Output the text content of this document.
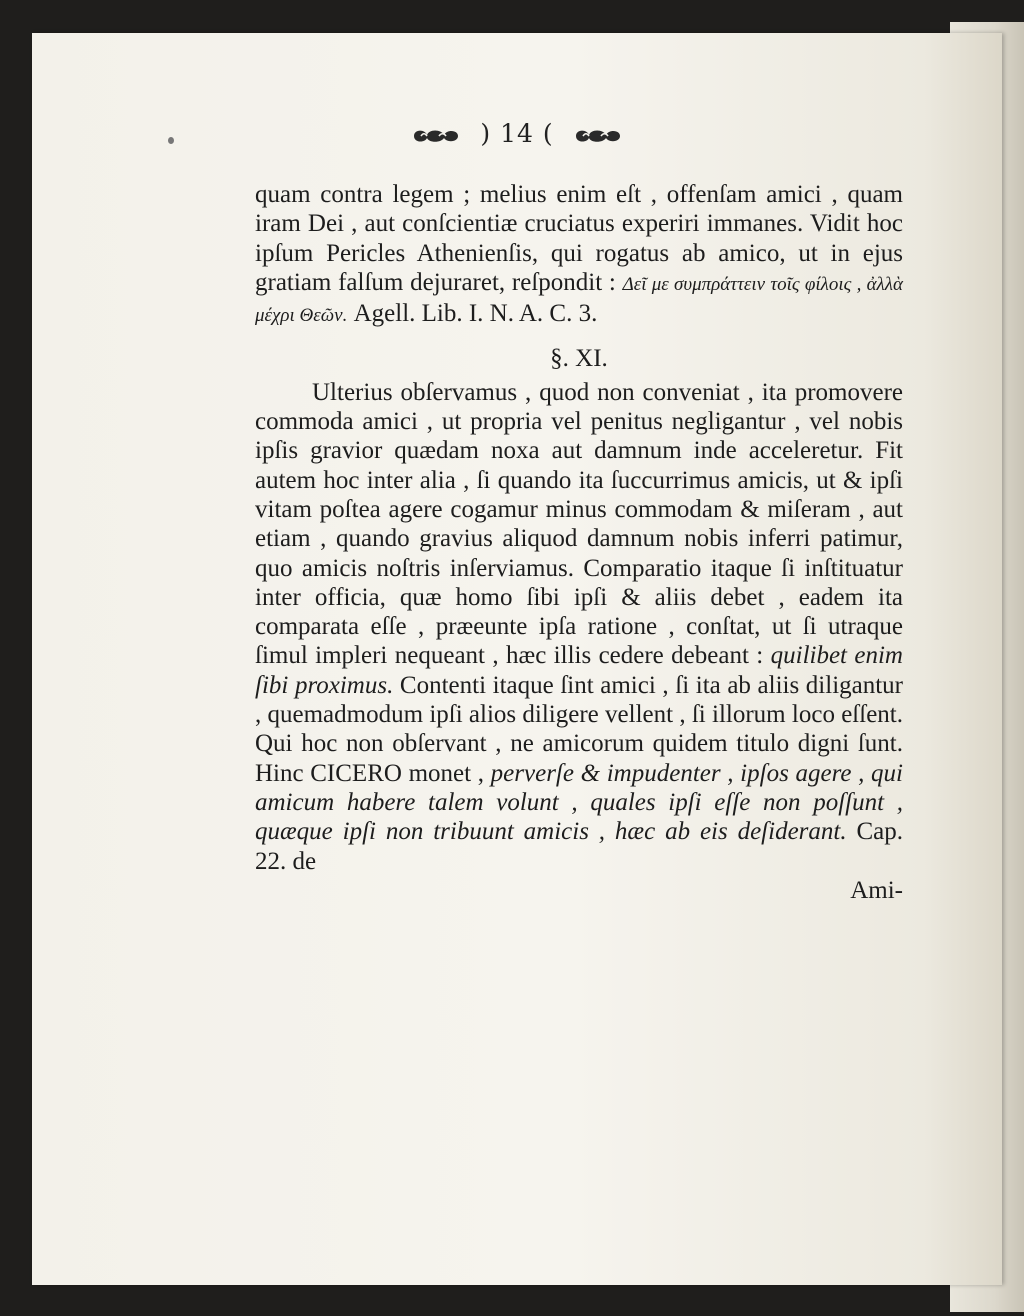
) 14 (

quam contra legem ; melius enim eſt , offenſam amici , quam iram Dei , aut conſcientiæ cruciatus experiri immanes. Vidit hoc ipſum Pericles Athenienſis, qui rogatus ab amico, ut in ejus gratiam falſum dejuraret, reſpondit : Δεῖ με συμπράττειν τοῖς φίλοις , ἀλλὰ μέχρι Θεῶν. Agell. Lib. I. N. A. C. 3.

§. XI.

Ulterius obſervamus , quod non conveniat , ita promovere commoda amici , ut propria vel penitus negligantur , vel nobis ipſis gravior quædam noxa aut damnum inde acceleretur. Fit autem hoc inter alia , ſi quando ita ſuccurrimus amicis, ut & ipſi vitam poſtea agere cogamur minus commodam & miſeram , aut etiam , quando gravius aliquod damnum nobis inferri patimur, quo amicis noſtris inſerviamus. Comparatio itaque ſi inſtituatur inter officia, quæ homo ſibi ipſi & aliis debet , eadem ita comparata eſſe , præeunte ipſa ratione , conſtat, ut ſi utraque ſimul impleri nequeant , hæc illis cedere debeant : quilibet enim ſibi proximus. Contenti itaque ſint amici , ſi ita ab aliis diligantur , quemadmodum ipſi alios diligere vellent , ſi illorum loco eſſent. Qui hoc non obſervant , ne amicorum quidem titulo digni ſunt. Hinc CICERO monet , perverſe & impudenter , ipſos agere , qui amicum habere talem volunt , quales ipſi eſſe non poſſunt , quæque ipſi non tribuunt amicis , hæc ab eis deſiderant. Cap. 22. de

Ami-
